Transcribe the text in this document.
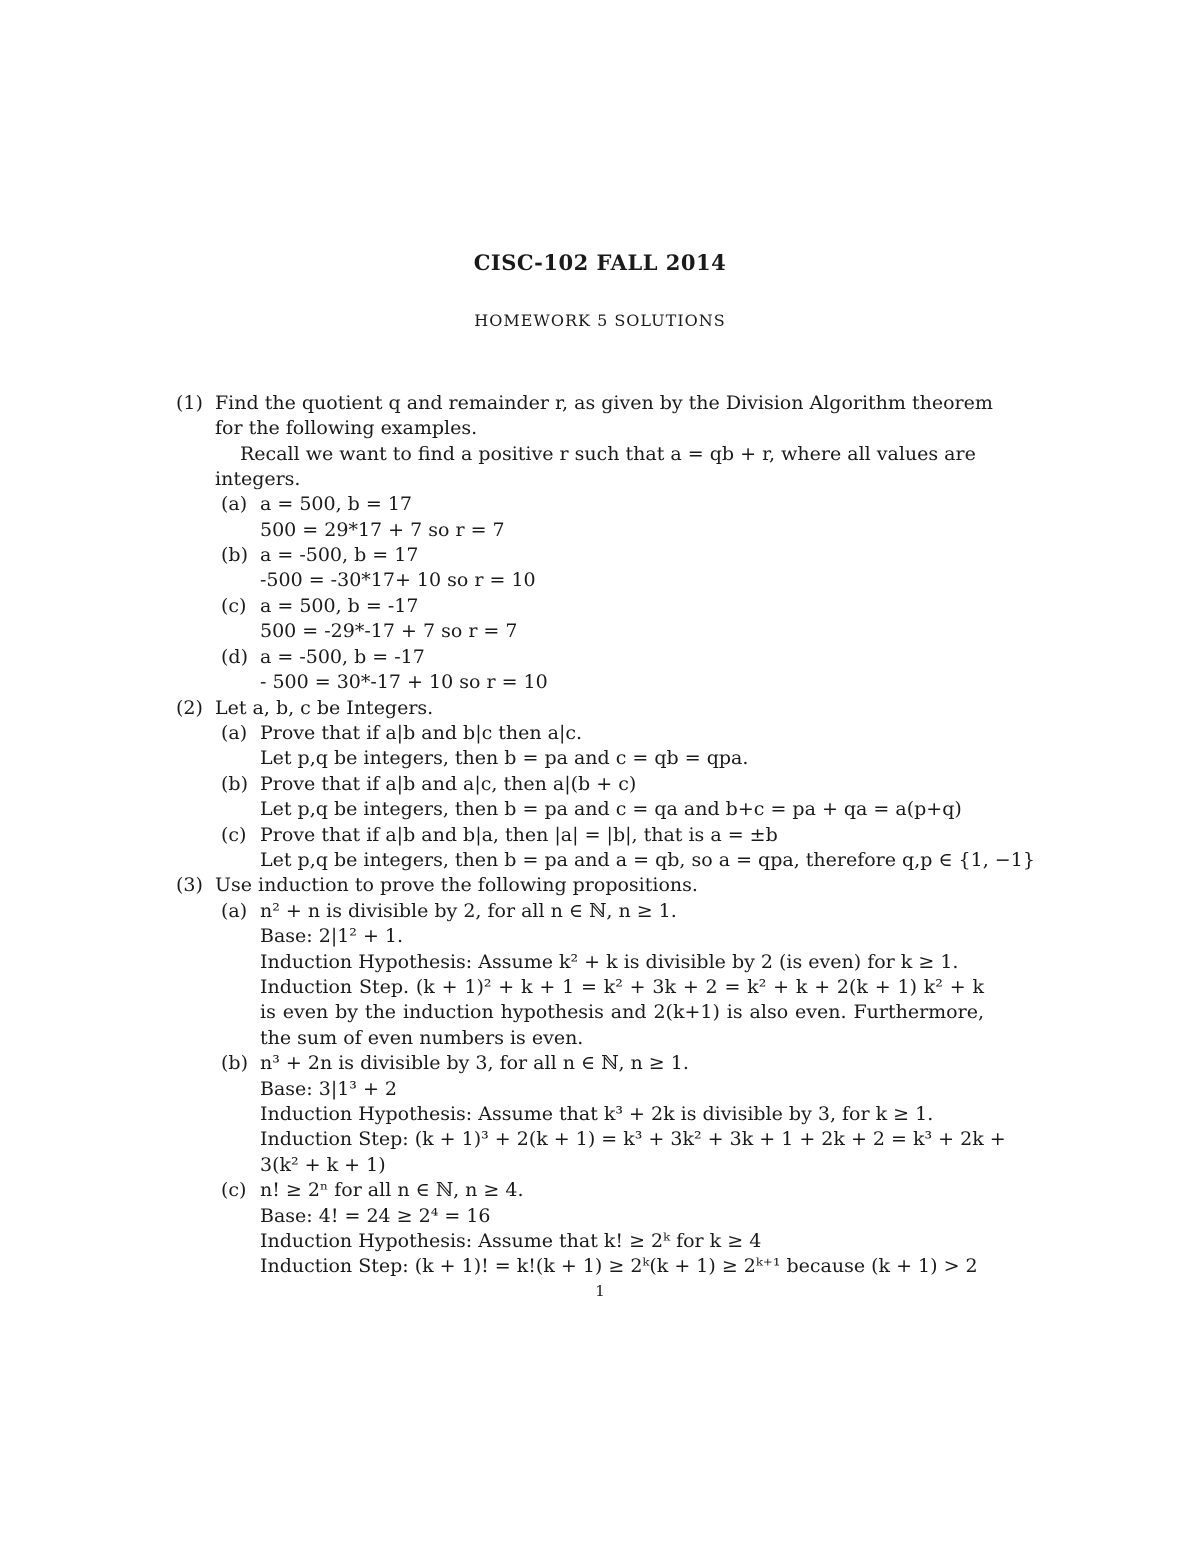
CISC-102 FALL 2014
HOMEWORK 5 SOLUTIONS
(1) Find the quotient q and remainder r, as given by the Division Algorithm theorem
for the following examples.
Recall we want to find a positive r such that a = qb + r, where all values are
integers.
(a) a = 500, b = 17
500 = 29*17 + 7 so r = 7
(b) a = -500, b = 17
-500 = -30*17+ 10 so r = 10
(c) a = 500, b = -17
500 = -29*-17 + 7 so r = 7
(d) a = -500, b = -17
- 500 = 30*-17 + 10 so r = 10
(2) Let a, b, c be Integers.
(a) Prove that if a|b and b|c then a|c.
Let p,q be integers, then b = pa and c = qb = qpa.
(b) Prove that if a|b and a|c, then a|(b + c)
Let p,q be integers, then b = pa and c = qa and b+c = pa + qa = a(p+q)
(c) Prove that if a|b and b|a, then |a| = |b|, that is a = ±b
Let p,q be integers, then b = pa and a = qb, so a = qpa, therefore q,p ∈ {1, −1}
(3) Use induction to prove the following propositions.
(a) n² + n is divisible by 2, for all n ∈ ℕ, n ≥ 1.
Base: 2|1² + 1.
Induction Hypothesis: Assume k² + k is divisible by 2 (is even) for k ≥ 1.
Induction Step. (k + 1)² + k + 1 = k² + 3k + 2 = k² + k + 2(k + 1) k² + k is even by the induction hypothesis and 2(k+1) is also even. Furthermore, the sum of even numbers is even.
(b) n³ + 2n is divisible by 3, for all n ∈ ℕ, n ≥ 1.
Base: 3|1³ + 2
Induction Hypothesis: Assume that k³ + 2k is divisible by 3, for k ≥ 1.
Induction Step: (k + 1)³ + 2(k + 1) = k³ + 3k² + 3k + 1 + 2k + 2 = k³ + 2k +
3(k² + k + 1)
(c) n! ≥ 2ⁿ for all n ∈ ℕ, n ≥ 4.
Base: 4! = 24 ≥ 2⁴ = 16
Induction Hypothesis: Assume that k! ≥ 2ᵏ for k ≥ 4
Induction Step: (k + 1)! = k!(k + 1) ≥ 2ᵏ(k + 1) ≥ 2ᵏ⁺¹ because (k + 1) > 2
1
